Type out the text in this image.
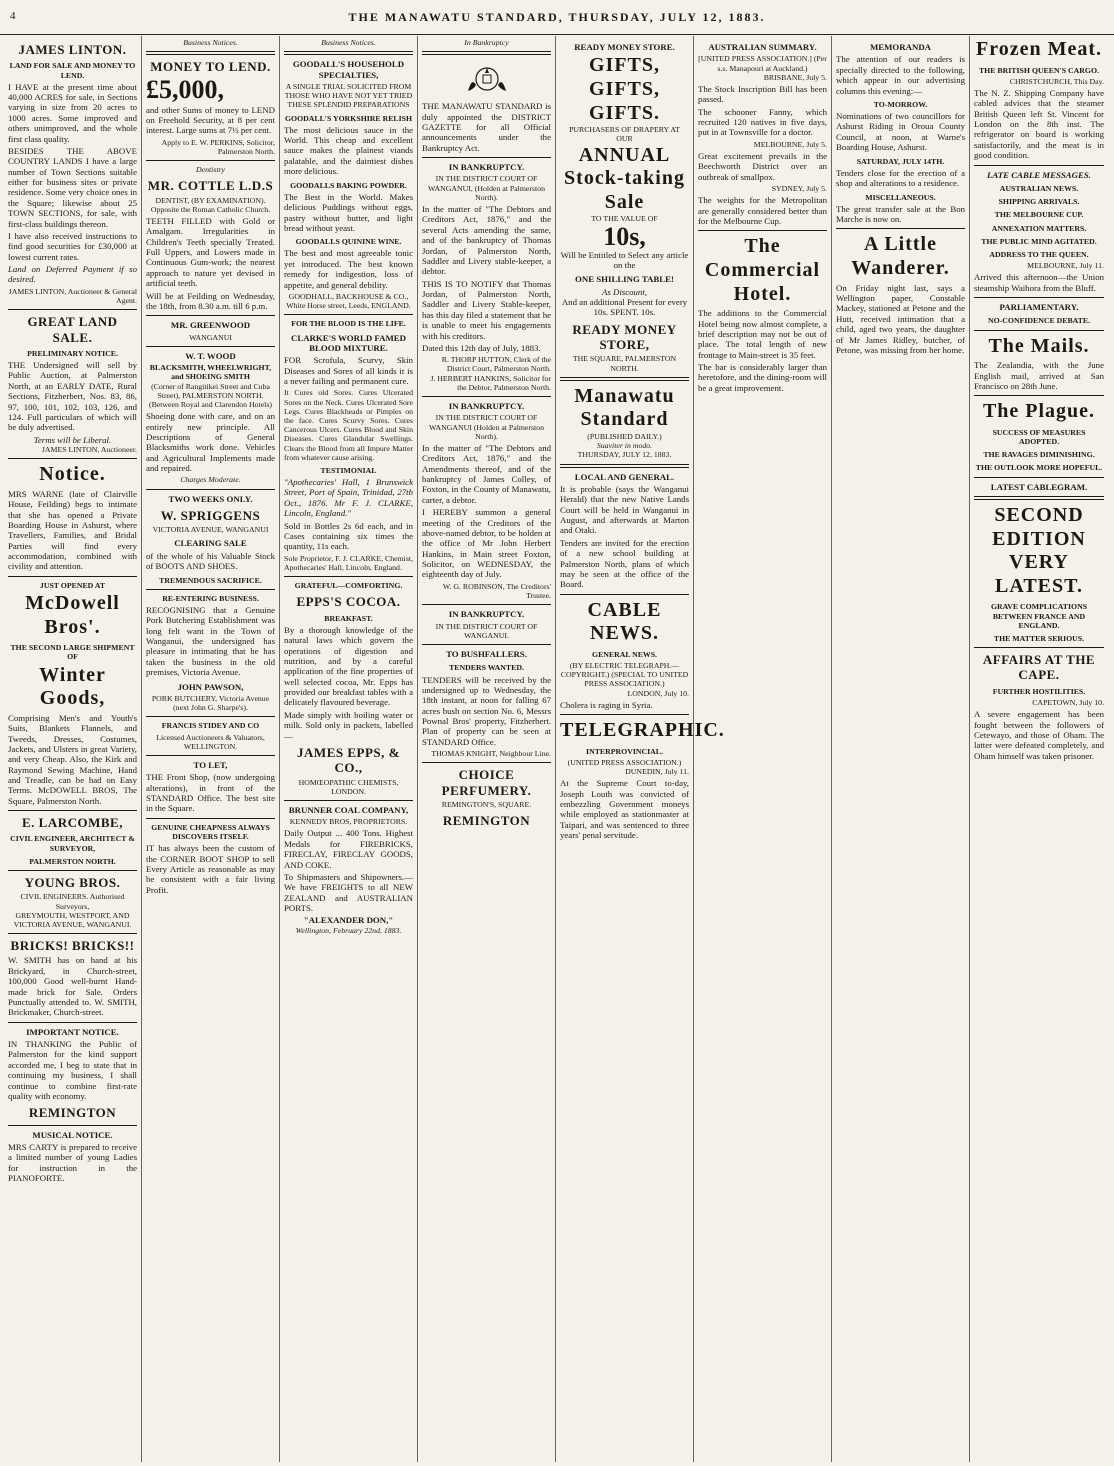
4	THE MANAWATU STANDARD, THURSDAY, JULY 12, 1883.
JAMES LINTON.
LAND FOR SALE AND MONEY TO LEND.
I HAVE at the present time about 40,000 ACRES for sale, in Sections varying in size from 20 acres to 1000 acres. Some improved and others unimproved, and the whole first class quality.
BESIDES THE ABOVE COUNTRY LANDS I have a large number of Town Sections suitable either for business sites or private residence. Some very choice ones in the Square; likewise about 25 TOWN SECTIONS, for sale, with first-class buildings thereon.
I have also received instructions to find good securities for £30,000 at lowest current rates.
Land on Deferred Payment if so desired.
JAMES LINTON, Auctioneer & General Agent.
GREAT LAND SALE.
PRELIMINARY NOTICE.
THE Undersigned will sell by Public Auction, at Palmerston North, at an EARLY DATE, Rural Sections, Fitzherbert, Nos. 83, 86, 97, 100, 101, 102, 103, 126, and 124. Full particulars of which will be duly advertised.
Terms will be Liberal.
JAMES LINTON, Auctioneer.
Notice.
MRS WARNE (late of Clairville House, Feilding) begs to intimate that she has opened a Private Boarding House in Ashurst, where Travellers, Families, and Bridal Parties will find every accommodation, combined with civility and attention.
JUST OPENED AT
McDowell Bros'.
THE SECOND LARGE SHIPMENT OF
Winter Goods,
Comprising Men's and Youth's Suits, Blankets Flannels, and Tweeds, Dresses, Costumes, Jackets, and Ulsters in great Variety, and very Cheap. Also, the Kirk and Raymond Sewing Machine, Hand and Treadle, can be had on Easy Terms. McDOWELL BROS, The Square, Palmerston North.
E. LARCOMBE,
CIVIL ENGINEER, ARCHITECT & SURVEYOR,
PALMERSTON NORTH.
YOUNG BROS.
CIVIL ENGINEERS. Authorised Surveyors,
GREYMOUTH, WESTPORT, AND VICTORIA AVENUE, WANGANUI.
BRICKS! BRICKS!!
W. SMITH has on hand at his Brickyard, in Church-street, 100,000 Good well-burnt Hand-made brick for Sale. Orders Punctually attended to. W. SMITH, Brickmaker, Church-street.
IMPORTANT NOTICE.
IN THANKING the Public of Palmerston for the kind support accorded me, I beg to state that in continuing my business, I shall continue to combine first-rate quality with economy.
REMINGTON
MUSICAL NOTICE.
MRS CARTY is prepared to receive a limited number of young Ladies for instruction in the PIANOFORTE.
Business Notices.
MONEY TO LEND.
£5,000,
and other Sums of money to LEND on Freehold Security, at 8 per cent interest. Large sums at 7½ per cent.
Apply to E. W. PERKINS, Solicitor, Palmerston North.
Dentistry
MR. COTTLE L.D.S
DENTIST, (BY EXAMINATION).
Opposite the Roman Catholic Church.
TEETH FILLED with Gold or Amalgam. Irregularities in Children's Teeth specially Treated. Full Uppers, and Lowers made in Continuous Gum-work; the nearest approach to nature yet devised in artificial teeth.
Will be at Feilding on Wednesday, the 18th, from 8.30 a.m. till 6 p.m.
MR. GREENWOOD
WANGANUI
W. T. WOOD
BLACKSMITH, WHEELWRIGHT, and SHOEING SMITH
(Corner of Rangitikei Street and Cuba Street), PALMERSTON NORTH.
(Between Royal and Clarendon Hotels)
Shoeing done with care, and on an entirely new principle. All Descriptions of General Blacksmiths work done. Vehicles and Agricultural Implements made and repaired.
Charges Moderate.
TWO WEEKS ONLY.
W. SPRIGGENS
VICTORIA AVENUE, WANGANUI
CLEARING SALE
of the whole of his Valuable Stock of BOOTS AND SHOES.
TREMENDOUS SACRIFICE.
RE-ENTERING BUSINESS.
RECOGNISING that a Genuine Pork Butchering Establishment was long felt want in the Town of Wanganui, the undersigned has pleasure in intimating that he has taken the business in the old premises, Victoria Avenue.
JOHN PAWSON,
PORK BUTCHERY, Victoria Avenue (next John G. Sharpe's).
FRANCIS STIDEY AND CO
Licensed Auctioneers & Valuators, WELLINGTON.
TO LET,
THE Front Shop, (now undergoing alterations), in front of the STANDARD Office. The best site in the Square.
GENUINE CHEAPNESS ALWAYS DISCOVERS ITSELF.
IT has always been the custom of the CORNER BOOT SHOP to sell Every Article as reasonable as may be consistent with a fair living Profit.
Business Notices.
GOODALL'S HOUSEHOLD SPECIALTIES,
A SINGLE TRIAL SOLICITED FROM THOSE WHO HAVE NOT YET TRIED THESE SPLENDID PREPARATIONS
GOODALL'S YORKSHIRE RELISH
The most delicious sauce in the World. This cheap and excellent sauce makes the plainest viands palatable, and the daintiest dishes more delicious.
GOODALLS BAKING POWDER.
The Best in the World. Makes delicious Puddings without eggs, pastry without butter, and light bread without yeast.
GOODALLS QUININE WINE.
The best and most agreeable tonic yet introduced. The best known remedy for indigestion, loss of appetite, and general debility.
GOODHALL, BACKHOUSE & CO., White Horse street, Leeds, ENGLAND.
FOR THE BLOOD IS THE LIFE.
CLARKE'S WORLD FAMED BLOOD MIXTURE.
FOR Scrofula, Scurvy, Skin Diseases and Sores of all kinds it is a never failing and permanent cure.
It Cures old Sores. Cures Ulcerated Sores on the Neck. Cures Ulcerated Sore Legs. Cures Blackheads or Pimples on the face. Cures Scurvy Sores. Cures Cancerous Ulcers. Cures Blood and Skin Diseases. Cures Glandular Swellings. Clears the Blood from all Impure Matter from whatever cause arising.
TESTIMONIAL
"Apothecaries' Hall, 1 Brunswick Street, Port of Spain, Trinidad, 27th Oct., 1876. Mr F. J. CLARKE, Lincoln, England."
Sold in Bottles 2s 6d each, and in Cases containing six times the quantity, 11s each.
Sole Proprietor, F. J. CLARKE, Chemist, Apothecaries' Hall, Lincoln, England.
GRATEFUL—COMFORTING.
EPPS'S COCOA.
BREAKFAST.
By a thorough knowledge of the natural laws which govern the operations of digestion and nutrition, and by a careful application of the fine properties of well selected cocoa, Mr. Epps has provided our breakfast tables with a delicately flavoured beverage.
Made simply with boiling water or milk. Sold only in packets, labelled—
JAMES EPPS, & CO.,
HOMŒOPATHIC CHEMISTS, LONDON.
BRUNNER COAL COMPANY,
KENNEDY BROS, PROPRIETORS.
Daily Output ... 400 Tons. Highest Medals for FIREBRICKS, FIRECLAY, FIRECLAY GOODS, AND COKE.
To Shipmasters and Shipowners.—We have FREIGHTS to all NEW ZEALAND and AUSTRALIAN PORTS.
"ALEXANDER DON,"
Wellington, February 22nd, 1883.
In Bankruptcy
THE MANAWATU STANDARD is duly appointed the DISTRICT GAZETTE for all Official announcements under the Bankruptcy Act.
IN BANKRUPTCY.
IN THE DISTRICT COURT OF WANGANUI, (Holden at Palmerston North).
In the matter of "The Debtors and Creditors Act, 1876," and the several Acts amending the same, and of the bankruptcy of Thomas Jordan, of Palmerston North, Saddler and Livery stable-keeper, a debtor.
THIS IS TO NOTIFY that Thomas Jordan, of Palmerston North, Saddler and Livery Stable-keeper, has this day filed a statement that he is unable to meet his engagements with his creditors.
Dated this 12th day of July, 1883.
R. THORP HUTTON, Clerk of the District Court, Palmerston North.
J. HERBERT HANKINS, Solicitor for the Debtor, Palmerston North.
IN BANKRUPTCY.
IN THE DISTRICT COURT OF WANGANUI (Holden at Palmerston North).
In the matter of "The Debtors and Creditors Act, 1876," and the Amendments thereof, and of the bankruptcy of James Colley, of Foxton, in the County of Manawatu, carter, a debtor.
I HEREBY summon a general meeting of the Creditors of the above-named debtor, to be holden at the office of Mr John Herbert Hankins, in Main street Foxton, Solicitor, on WEDNESDAY, the eighteenth day of July.
W. G. ROBINSON, The Creditors' Trustee.
IN BANKRUPTCY.
IN THE DISTRICT COURT OF WANGANUI.
TO BUSHFALLERS.
TENDERS WANTED.
TENDERS will be received by the undersigned up to Wednesday, the 18th instant, at noon for falling 67 acres bush on section No. 6, Messrs Pownal Bros' property, Fitzherbert. Plan of property can be seen at STANDARD Office.
THOMAS KNIGHT, Neighbour Line.
CHOICE PERFUMERY.
REMINGTON'S, SQUARE.
REMINGTON
READY MONEY STORE.
GIFTS, GIFTS, GIFTS.
PURCHASERS OF DRAPERY AT OUR
ANNUAL
Stock-taking Sale
TO THE VALUE OF
10s,
Will be Entitled to Select any article on the
ONE SHILLING TABLE!
As Discount,
And an additional Present for every 10s. SPENT. 10s.
READY MONEY STORE,
THE SQUARE, PALMERSTON NORTH.
Manawatu Standard
(PUBLISHED DAILY.)
Suaviter in modo.
THURSDAY, JULY 12, 1883.
LOCAL AND GENERAL.
It is probable (says the Wanganui Herald) that the new Native Lands Court will be held in Wanganui in August, and afterwards at Marton and Otaki.
Tenders are invited for the erection of a new school building at Palmerston North, plans of which may be seen at the office of the Board.
CABLE NEWS.
GENERAL NEWS.
(BY ELECTRIC TELEGRAPH.—COPYRIGHT.) (SPECIAL TO UNITED PRESS ASSOCIATION.)
LONDON, July 10.
Cholera is raging in Syria.
TELEGRAPHIC.
INTERPROVINCIAL.
(UNITED PRESS ASSOCIATION.)
DUNEDIN, July 11.
At the Supreme Court to-day, Joseph Louth was convicted of embezzling Government moneys while employed as stationmaster at Taipari, and was sentenced to three years' penal servitude.
AUSTRALIAN SUMMARY.
[UNITED PRESS ASSOCIATION.] (Per s.s. Manapouri at Auckland.)
BRISBANE, July 5.
The Stock Inscription Bill has been passed.
The schooner Fanny, which recruited 120 natives in five days, put in at Townsville for a doctor.
MELBOURNE, July 5.
Great excitement prevails in the Beechworth District over an outbreak of smallpox.
SYDNEY, July 5.
The weights for the Metropolitan are generally considered better than for the Melbourne Cup.
The Commercial Hotel.
The additions to the Commercial Hotel being now almost complete, a brief description may not be out of place. The total length of new frontage to Main-street is 35 feet.
The bar is considerably larger than heretofore, and the dining-room will be a great improvement.
MEMORANDA
The attention of our readers is specially directed to the following, which appear in our advertising columns this evening:—
TO-MORROW.
Nominations of two councillors for Ashurst Riding in Oroua County Council, at noon, at Warne's Boarding House, Ashurst.
SATURDAY, JULY 14TH.
Tenders close for the erection of a shop and alterations to a residence.
MISCELLANEOUS.
The great transfer sale at the Bon Marche is now on.
A Little Wanderer.
On Friday night last, says a Wellington paper, Constable Mackey, stationed at Petone and the Hutt, received intimation that a child, aged two years, the daughter of Mr James Ridley, butcher, of Petone, was missing from her home.
Frozen Meat.
THE BRITISH QUEEN'S CARGO.
CHRISTCHURCH, This Day.
The N. Z. Shipping Company have cabled advices that the steamer British Queen left St. Vincent for London on the 8th inst. The refrigerator on board is working satisfactorily, and the meat is in good condition.
LATE CABLE MESSAGES.
AUSTRALIAN NEWS.
SHIPPING ARRIVALS.
THE MELBOURNE CUP.
ANNEXATION MATTERS.
THE PUBLIC MIND AGITATED.
ADDRESS TO THE QUEEN.
MELBOURNE, July 11.
Arrived this afternoon—the Union steamship Waihora from the Bluff.
PARLIAMENTARY.
NO-CONFIDENCE DEBATE.
The Mails.
The Zealandia, with the June English mail, arrived at San Francisco on 28th June.
The Plague.
SUCCESS OF MEASURES ADOPTED.
THE RAVAGES DIMINISHING.
THE OUTLOOK MORE HOPEFUL.
LATEST CABLEGRAM.
SECOND EDITION
VERY LATEST.
GRAVE COMPLICATIONS BETWEEN FRANCE AND ENGLAND.
THE MATTER SERIOUS.
AFFAIRS AT THE CAPE.
FURTHER HOSTILITIES.
CAPETOWN, July 10.
A severe engagement has been fought between the followers of Cetewayo, and those of Oham. The latter were defeated completely, and Oham himself was taken prisoner.
